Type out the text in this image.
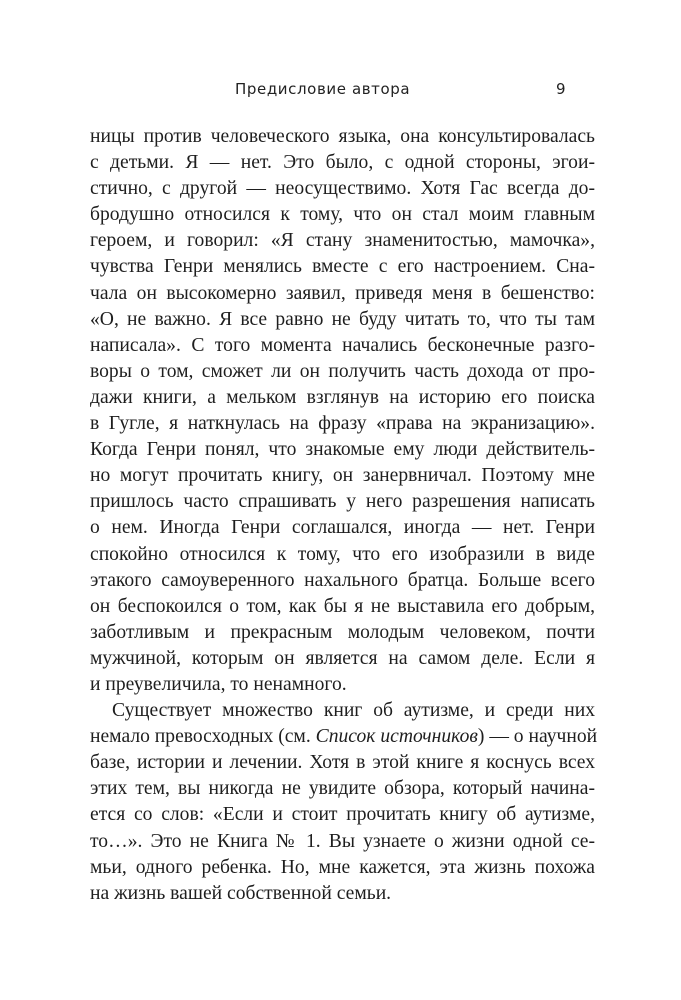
Предисловие автора	9
ницы против человеческого языка, она консультировалась
с детьми. Я — нет. Это было, с одной стороны, эгои-
стично, с другой — неосуществимо. Хотя Гас всегда до-
бродушно относился к тому, что он стал моим главным
героем, и говорил: «Я стану знаменитостью, мамочка»,
чувства Генри менялись вместе с его настроением. Сна-
чала он высокомерно заявил, приведя меня в бешенство:
«О, не важно. Я все равно не буду читать то, что ты там
написала». С того момента начались бесконечные разго-
воры о том, сможет ли он получить часть дохода от про-
дажи книги, а мельком взглянув на историю его поиска
в Гугле, я наткнулась на фразу «права на экранизацию».
Когда Генри понял, что знакомые ему люди действитель-
но могут прочитать книгу, он занервничал. Поэтому мне
пришлось часто спрашивать у него разрешения написать
о нем. Иногда Генри соглашался, иногда — нет. Генри
спокойно относился к тому, что его изобразили в виде
этакого самоуверенного нахального братца. Больше всего
он беспокоился о том, как бы я не выставила его добрым,
заботливым и прекрасным молодым человеком, почти
мужчиной, которым он является на самом деле. Если я
и преувеличила, то ненамного.
Существует множество книг об аутизме, и среди них
немало превосходных (см. Список источников) — о научной
базе, истории и лечении. Хотя в этой книге я коснусь всех
этих тем, вы никогда не увидите обзора, который начина-
ется со слов: «Если и стоит прочитать книгу об аутизме,
то…». Это не Книга № 1. Вы узнаете о жизни одной се-
мьи, одного ребенка. Но, мне кажется, эта жизнь похожа
на жизнь вашей собственной семьи.
